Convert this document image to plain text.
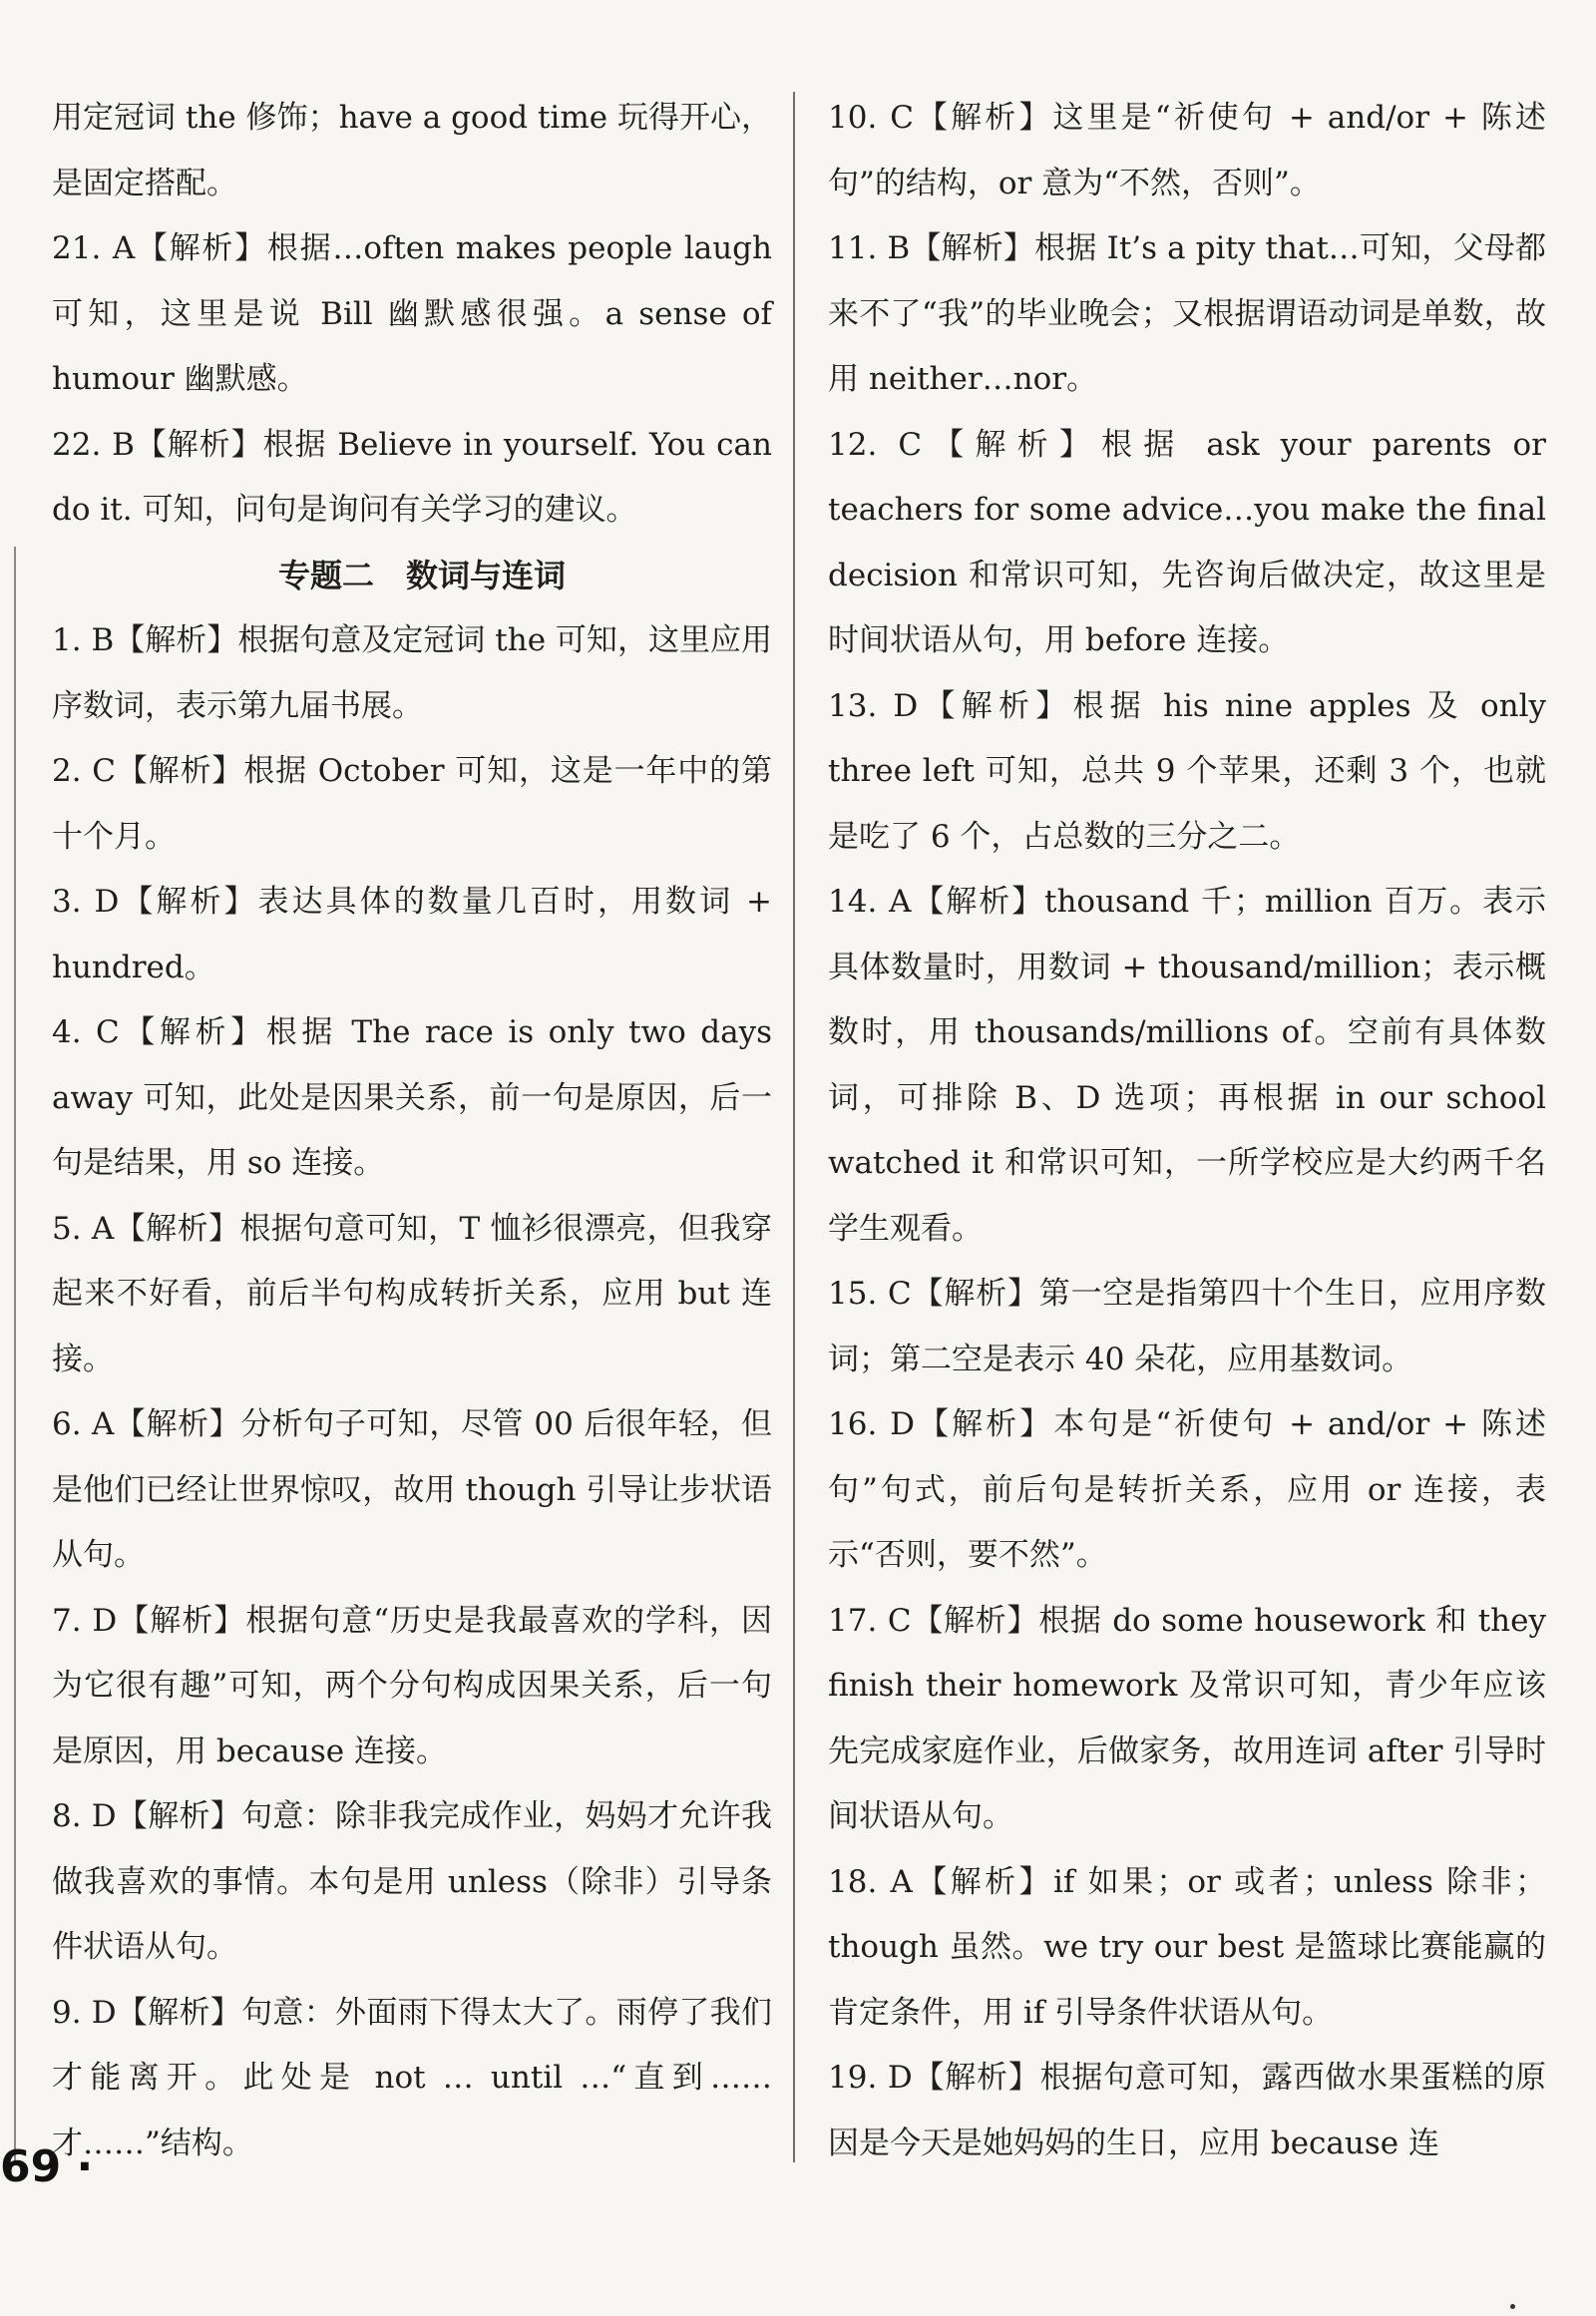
用定冠词 the 修饰；have a good time 玩得开心，是固定搭配。

21. A【解析】根据…often makes people laugh 可知，这里是说 Bill 幽默感很强。a sense of humour 幽默感。

22. B【解析】根据 Believe in yourself. You can do it. 可知，问句是询问有关学习的建议。

专题二　数词与连词

1. B【解析】根据句意及定冠词 the 可知，这里应用序数词，表示第九届书展。

2. C【解析】根据 October 可知，这是一年中的第十个月。

3. D【解析】表达具体的数量几百时，用数词 + hundred。

4. C【解析】根据 The race is only two days away 可知，此处是因果关系，前一句是原因，后一句是结果，用 so 连接。

5. A【解析】根据句意可知，T 恤衫很漂亮，但我穿起来不好看，前后半句构成转折关系，应用 but 连接。

6. A【解析】分析句子可知，尽管 00 后很年轻，但是他们已经让世界惊叹，故用 though 引导让步状语从句。

7. D【解析】根据句意“历史是我最喜欢的学科，因为它很有趣”可知，两个分句构成因果关系，后一句是原因，用 because 连接。

8. D【解析】句意：除非我完成作业，妈妈才允许我做我喜欢的事情。本句是用 unless（除非）引导条件状语从句。

9. D【解析】句意：外面雨下得太大了。雨停了我们才能离开。此处是 not … until …“直到……才……”结构。

10. C【解析】这里是“祈使句 + and/or + 陈述句”的结构，or 意为“不然，否则”。

11. B【解析】根据 It’s a pity that…可知，父母都来不了“我”的毕业晚会；又根据谓语动词是单数，故用 neither…nor。

12. C【解析】根据 ask your parents or teachers for some advice…you make the final decision 和常识可知，先咨询后做决定，故这里是时间状语从句，用 before 连接。

13. D【解析】根据 his nine apples 及 only three left 可知，总共 9 个苹果，还剩 3 个，也就是吃了 6 个，占总数的三分之二。

14. A【解析】thousand 千；million 百万。表示具体数量时，用数词 + thousand/million；表示概数时，用 thousands/millions of。空前有具体数词，可排除 B、D 选项；再根据 in our school watched it 和常识可知，一所学校应是大约两千名学生观看。

15. C【解析】第一空是指第四十个生日，应用序数词；第二空是表示 40 朵花，应用基数词。

16. D【解析】本句是“祈使句 + and/or + 陈述句”句式，前后句是转折关系，应用 or 连接，表示“否则，要不然”。

17. C【解析】根据 do some housework 和 they finish their homework 及常识可知，青少年应该先完成家庭作业，后做家务，故用连词 after 引导时间状语从句。

18. A【解析】if 如果；or 或者；unless 除非；though 虽然。we try our best 是篮球比赛能赢的肯定条件，用 if 引导条件状语从句。

19. D【解析】根据句意可知，露西做水果蛋糕的原因是今天是她妈妈的生日，应用 because 连

69 ·
